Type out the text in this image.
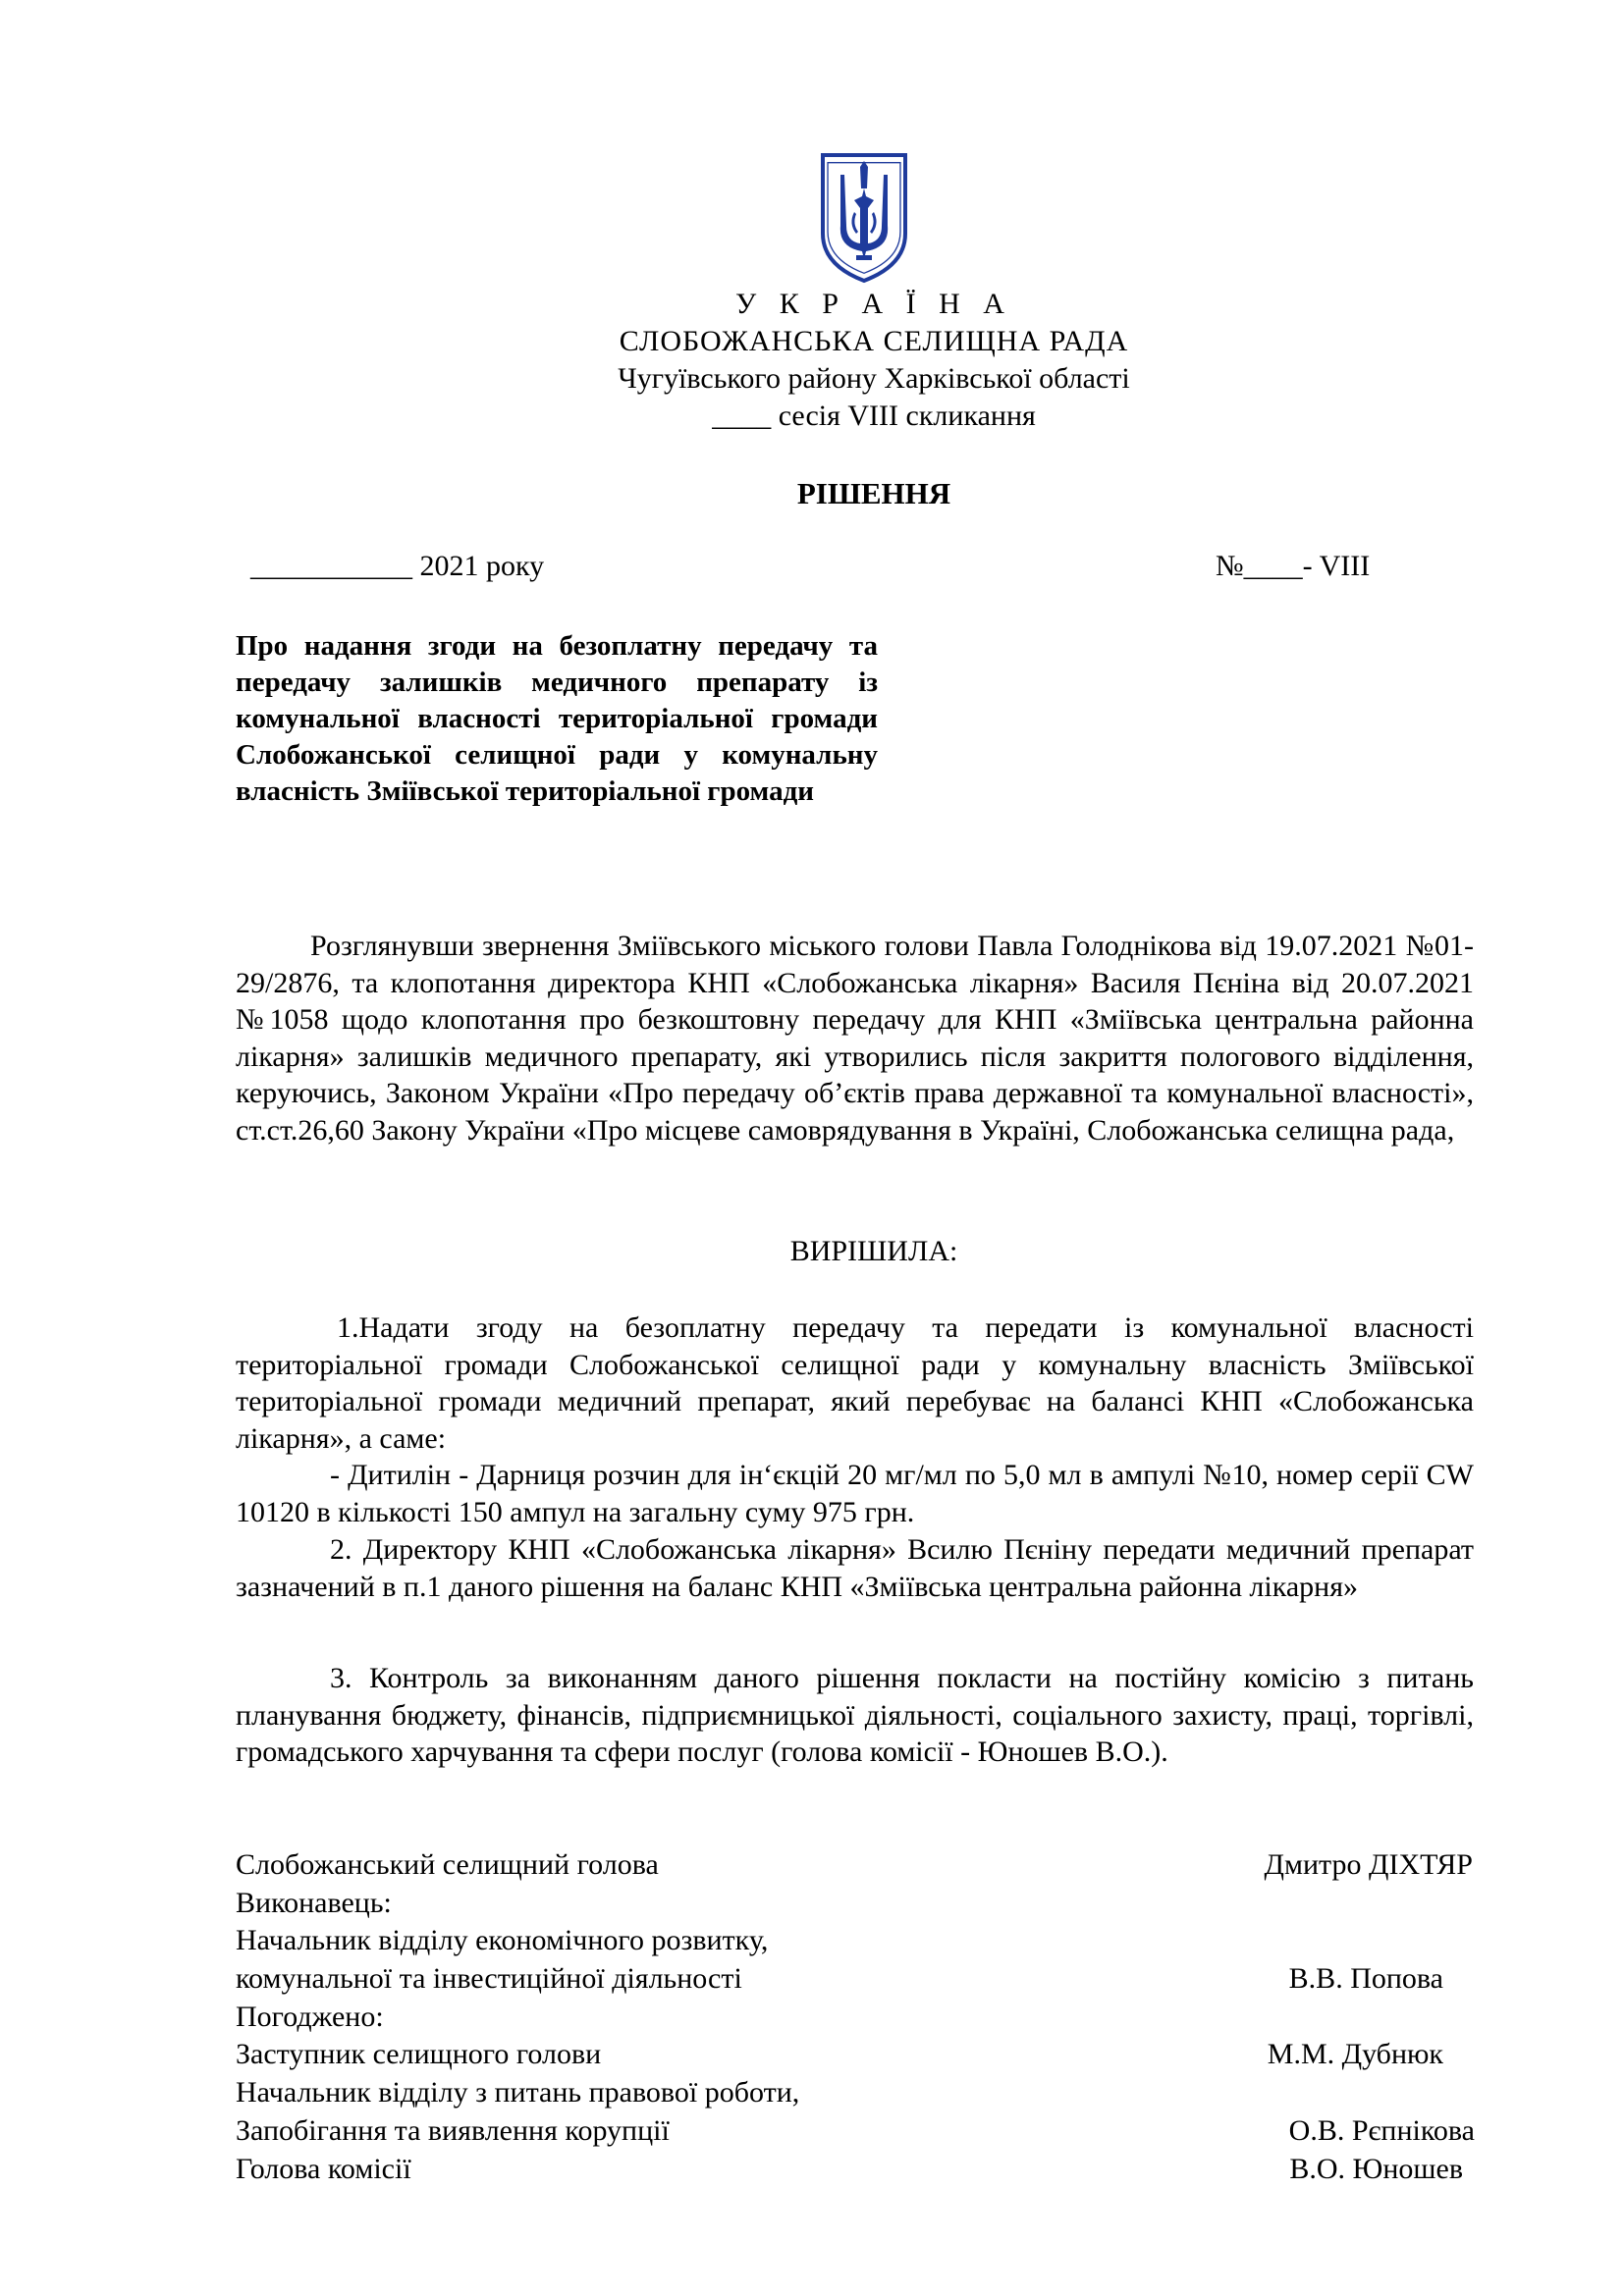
У К Р А Ї Н А
СЛОБОЖАНСЬКА СЕЛИЩНА РАДА
Чугуївського району Харківської області
____ сесія VIII скликання
РІШЕННЯ
___________ 2021 року	№____- VIII
Про надання згоди на безоплатну передачу та передачу залишків медичного препарату із комунальної власності територіальної громади Слобожанської селищної ради у комунальну власність Зміївської територіальної громади
Розглянувши звернення Зміївського міського голови Павла Голоднікова від 19.07.2021 №01-29/2876, та клопотання директора КНП «Слобожанська лікарня» Василя Пєніна від 20.07.2021 №1058 щодо клопотання про безкоштовну передачу для КНП «Зміївська центральна районна лікарня» залишків медичного препарату, які утворились після закриття пологового відділення, керуючись, Законом України «Про передачу об’єктів права державної та комунальної власності», ст.ст.26,60 Закону України «Про місцеве самоврядування в Україні, Слобожанська селищна рада,
ВИРІШИЛА:
1.Надати згоду на безоплатну передачу та передати із комунальної власності територіальної громади Слобожанської селищної ради у комунальну власність Зміївської територіальної громади медичний препарат, який перебуває на балансі КНП «Слобожанська лікарня», а саме:
- Дитилін - Дарниця розчин для ін‘єкцій 20 мг/мл по 5,0 мл в ампулі №10, номер серії CW 10120 в кількості 150 ампул на загальну суму 975 грн.
2. Директору КНП «Слобожанська лікарня» Всилю Пєніну передати медичний препарат зазначений в п.1 даного рішення на баланс КНП «Зміївська центральна районна лікарня»
3. Контроль за виконанням даного рішення покласти на постійну комісію з питань планування бюджету, фінансів, підприємницької діяльності, соціального захисту, праці, торгівлі, громадського харчування та сфери послуг (голова комісії - Юношев В.О.).
Слобожанський селищний голова	Дмитро ДІХТЯР
Виконавець:
Начальник відділу економічного розвитку,
комунальної та інвестиційної діяльності	В.В. Попова
Погоджено:
Заступник селищного голови	М.М. Дубнюк
Начальник відділу з питань правової роботи,
Запобігання та виявлення корупції	О.В. Рєпнікова
Голова комісії	В.О. Юношев
